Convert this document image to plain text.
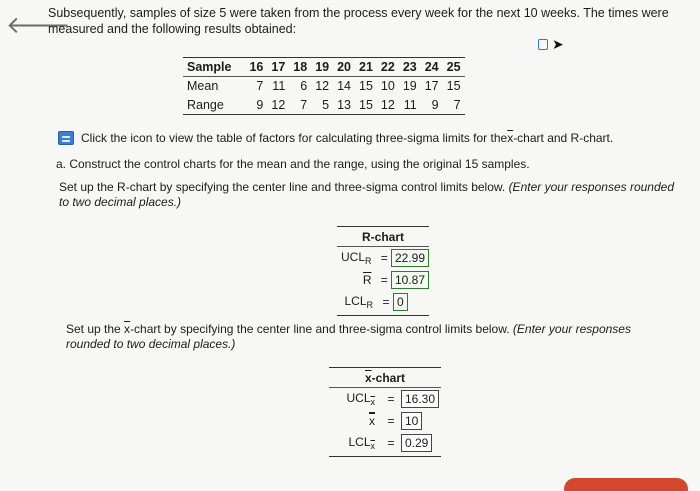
🡐
Subsequently, samples of size 5 were taken from the process every week for the next 10 weeks. The times were measured and the following results obtained:
➤
Sample	16	17	18	19	20	21	22	23	24	25
Mean	7	11	6	12	14	15	10	19	17	15
Range	9	12	7	5	13	15	12	11	9	7
Click the icon to view the table of factors for calculating three-sigma limits for the $\overline{x}$ -chart and R-chart.
a. Construct the control charts for the mean and the range, using the original 15 samples.
Set up the R-chart by specifying the center line and three-sigma control limits below. (Enter your responses rounded to two decimal places.)
R-chart
$UCL_R = 22.99$
$\overline{R} = 10.87$
$LCL_R = 0$
Set up the $\overline{x}$-chart by specifying the center line and three-sigma control limits below. (Enter your responses rounded to two decimal places.)
$\overline{x}$-chart
$UCL_{\overline{x}}$	= 16.30
$\overline{x}$	= 10
$LCL_{\overline{x}}$	= 0.29
